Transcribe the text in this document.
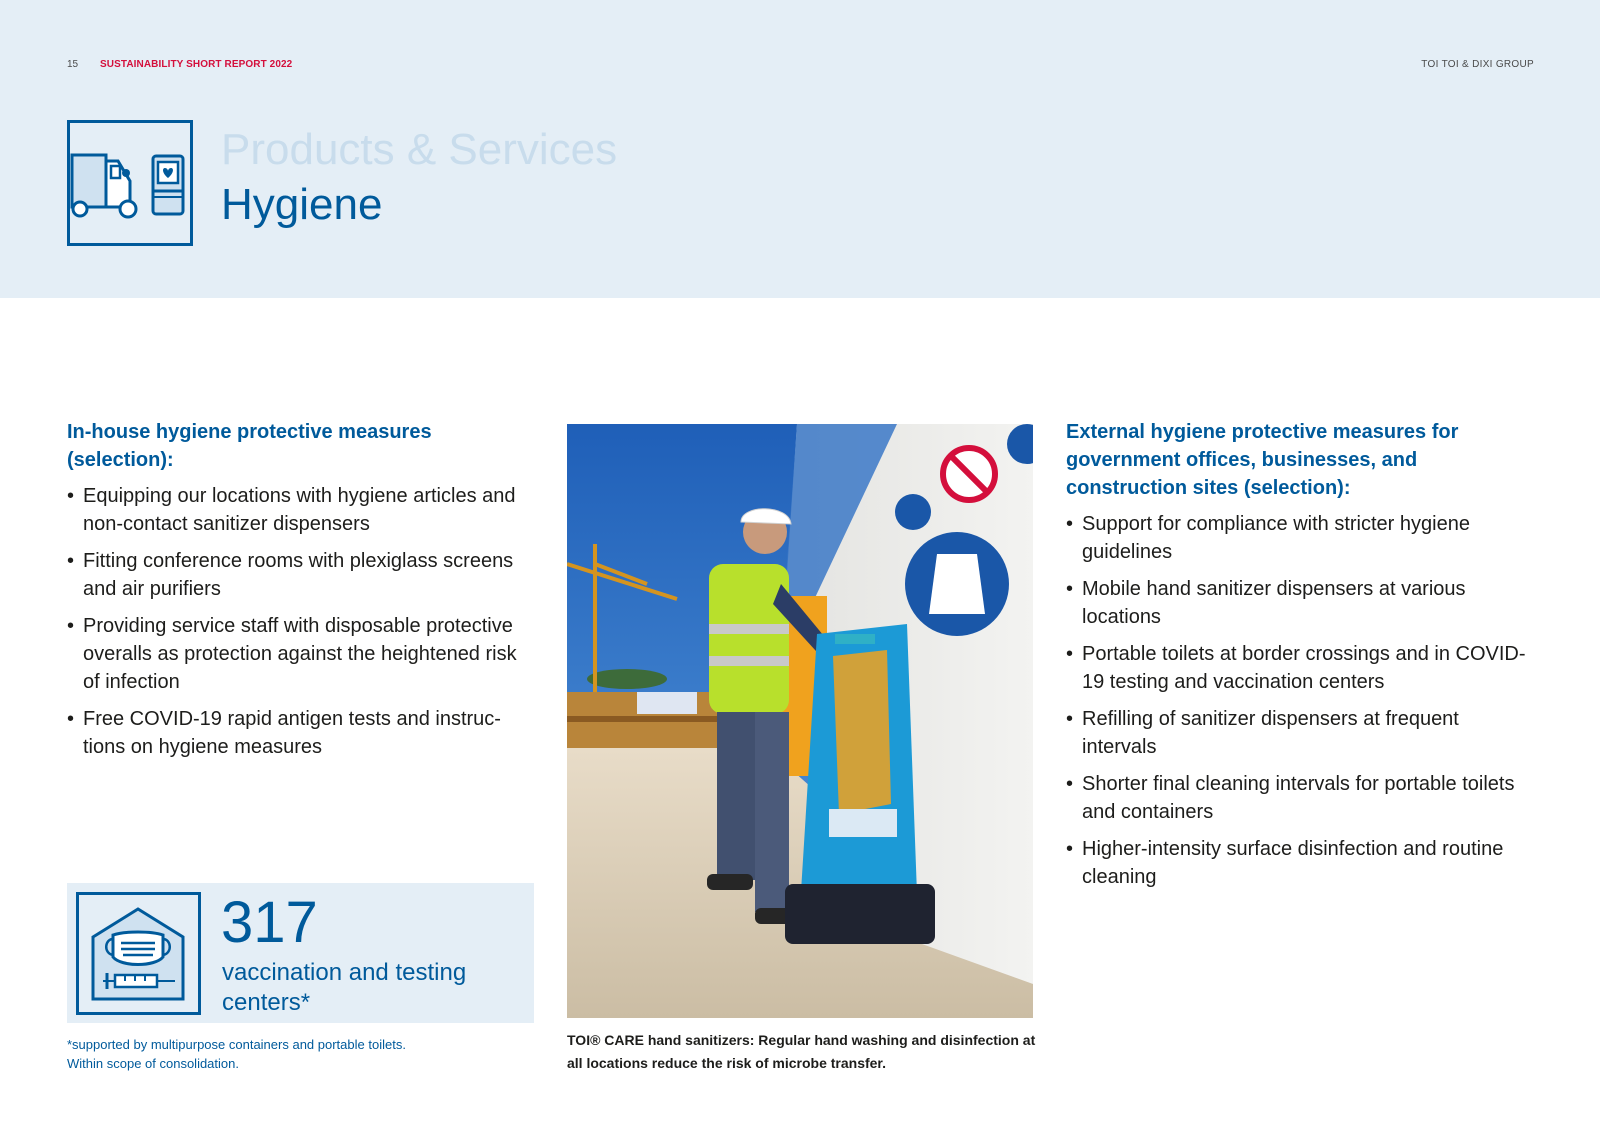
15 SUSTAINABILITY SHORT REPORT 2022	TOI TOI & DIXI GROUP
Products & Services
Hygiene
In-house hygiene protective measures (selection):
• Equipping our locations with hygiene articles and non-contact sanitizer dispensers
• Fitting conference rooms with plexiglass screens and air purifiers
• Providing service staff with disposable protective overalls as protection against the heightened risk of infection
• Free COVID-19 rapid antigen tests and instruc-tions on hygiene measures
317
vaccination and testing centers*
*supported by multipurpose containers and portable toilets.
Within scope of consolidation.
TOI® CARE hand sanitizers: Regular hand washing and disinfection at all locations reduce the risk of microbe transfer.
External hygiene protective measures for government offices, businesses, and construction sites (selection):
• Support for compliance with stricter hygiene guidelines
• Mobile hand sanitizer dispensers at various locations
• Portable toilets at border crossings and in COVID-19 testing and vaccination centers
• Refilling of sanitizer dispensers at frequent intervals
• Shorter final cleaning intervals for portable toilets and containers
• Higher-intensity surface disinfection and routine cleaning
